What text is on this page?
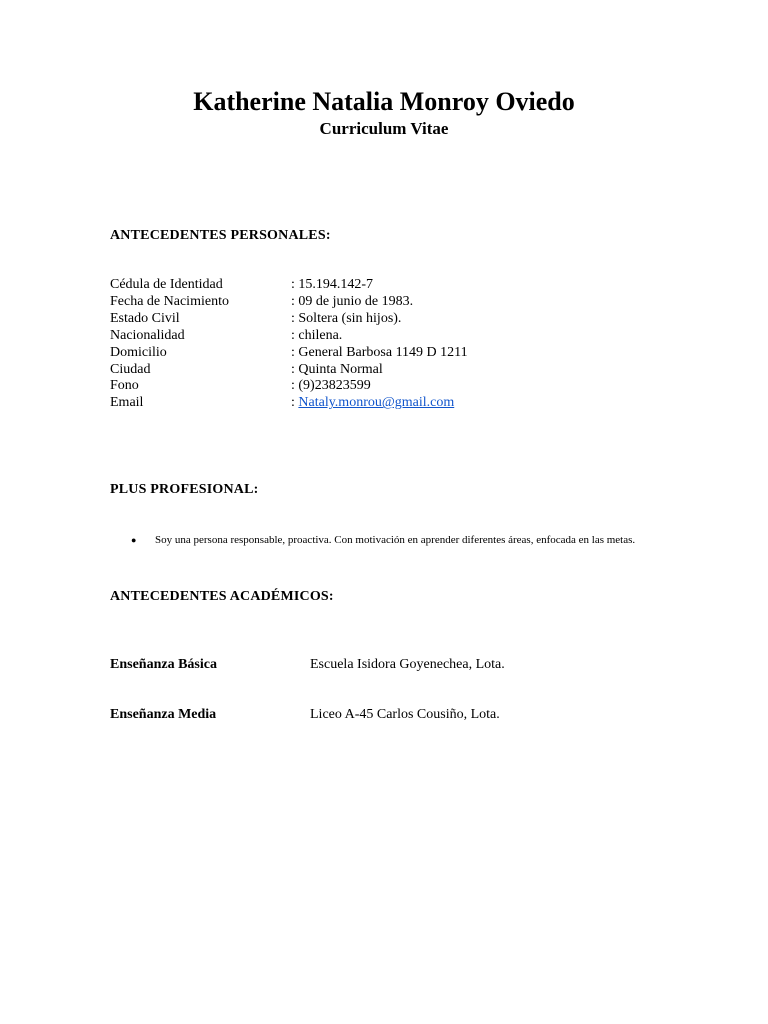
Katherine Natalia Monroy Oviedo
Curriculum Vitae
ANTECEDENTES PERSONALES:
Cédula de Identidad	: 15.194.142-7
Fecha de Nacimiento	: 09 de junio de 1983.
Estado Civil	: Soltera (sin hijos).
Nacionalidad	: chilena.
Domicilio	: General Barbosa 1149 D 1211
Ciudad	: Quinta Normal
Fono	: (9)23823599
Email	: Nataly.monrou@gmail.com
PLUS PROFESIONAL:
●	Soy una persona responsable, proactiva. Con motivación en aprender diferentes áreas, enfocada en las metas.
ANTECEDENTES ACADÉMICOS:
Enseñanza Básica	Escuela Isidora Goyenechea, Lota.
Enseñanza Media	Liceo A-45 Carlos Cousiño, Lota.
